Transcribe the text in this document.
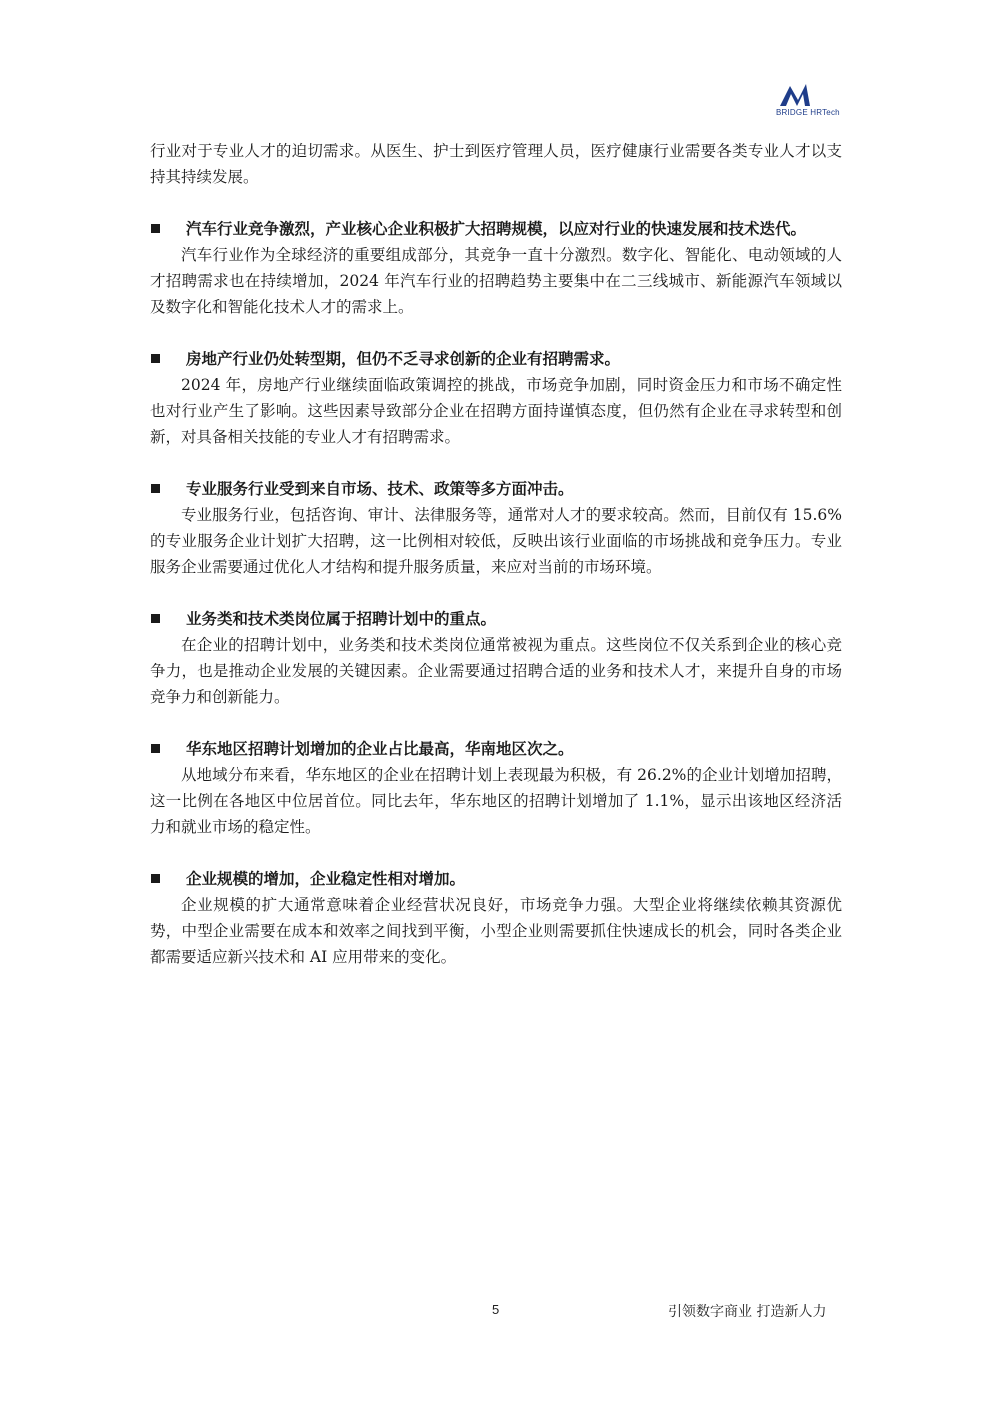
BRIDGE HRTech

行业对于专业人才的迫切需求。从医生、护士到医疗管理人员，医疗健康行业需要各类专业人才以支持其持续发展。

汽车行业竞争激烈，产业核心企业积极扩大招聘规模，以应对行业的快速发展和技术迭代。

汽车行业作为全球经济的重要组成部分，其竞争一直十分激烈。数字化、智能化、电动领域的人才招聘需求也在持续增加，2024 年汽车行业的招聘趋势主要集中在二三线城市、新能源汽车领域以及数字化和智能化技术人才的需求上。

房地产行业仍处转型期，但仍不乏寻求创新的企业有招聘需求。

2024 年，房地产行业继续面临政策调控的挑战，市场竞争加剧，同时资金压力和市场不确定性也对行业产生了影响。这些因素导致部分企业在招聘方面持谨慎态度，但仍然有企业在寻求转型和创新，对具备相关技能的专业人才有招聘需求。

专业服务行业受到来自市场、技术、政策等多方面冲击。

专业服务行业，包括咨询、审计、法律服务等，通常对人才的要求较高。然而，目前仅有 15.6%的专业服务企业计划扩大招聘，这一比例相对较低，反映出该行业面临的市场挑战和竞争压力。专业服务企业需要通过优化人才结构和提升服务质量，来应对当前的市场环境。

业务类和技术类岗位属于招聘计划中的重点。

在企业的招聘计划中，业务类和技术类岗位通常被视为重点。这些岗位不仅关系到企业的核心竞争力，也是推动企业发展的关键因素。企业需要通过招聘合适的业务和技术人才，来提升自身的市场竞争力和创新能力。

华东地区招聘计划增加的企业占比最高，华南地区次之。

从地域分布来看，华东地区的企业在招聘计划上表现最为积极，有 26.2%的企业计划增加招聘，这一比例在各地区中位居首位。同比去年，华东地区的招聘计划增加了 1.1%，显示出该地区经济活力和就业市场的稳定性。

企业规模的增加，企业稳定性相对增加。

企业规模的扩大通常意味着企业经营状况良好，市场竞争力强。大型企业将继续依赖其资源优势，中型企业需要在成本和效率之间找到平衡，小型企业则需要抓住快速成长的机会，同时各类企业都需要适应新兴技术和 AI 应用带来的变化。

5	引领数字商业 打造新人力
